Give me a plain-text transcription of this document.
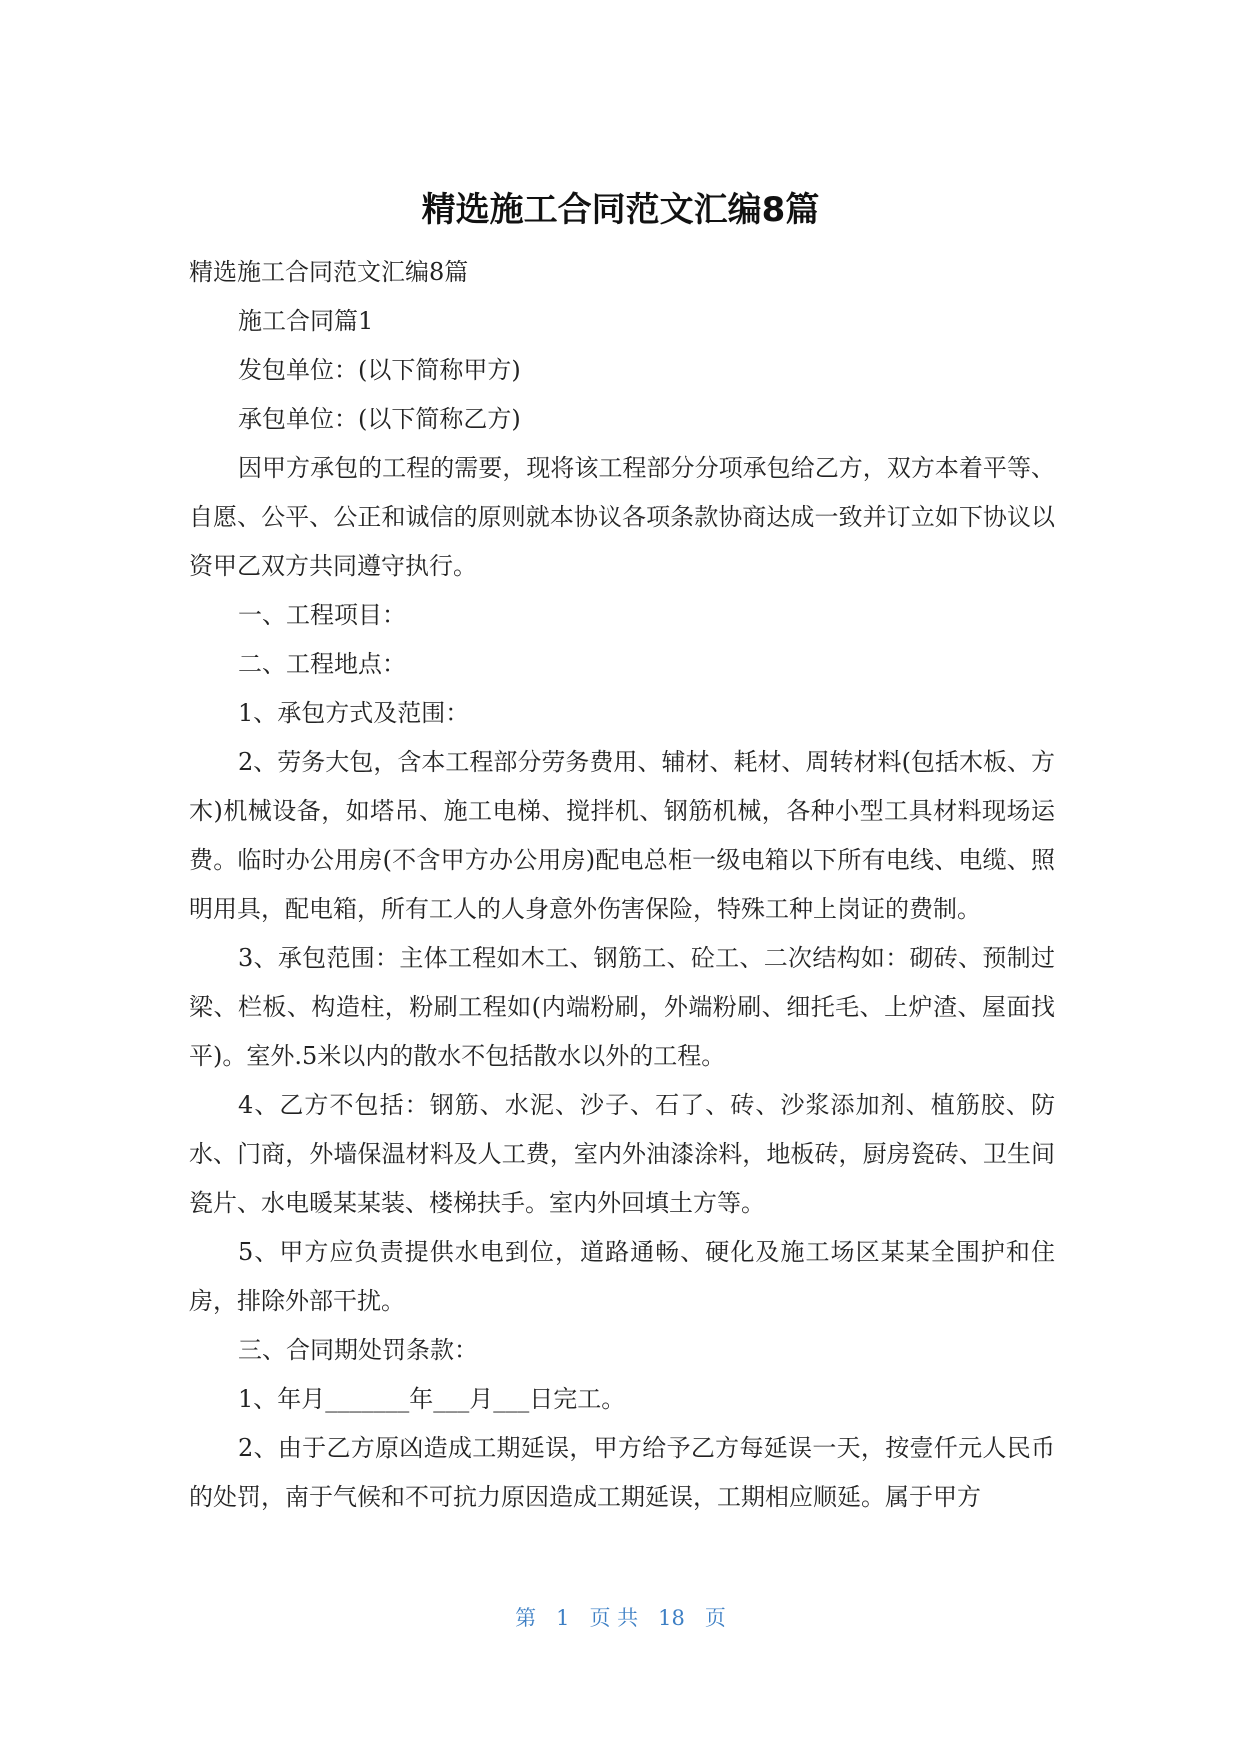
精选施工合同范文汇编8篇

精选施工合同范文汇编8篇

施工合同篇1

发包单位：(以下简称甲方)

承包单位：(以下简称乙方)

因甲方承包的工程的需要，现将该工程部分分项承包给乙方，双方本着平等、自愿、公平、公正和诚信的原则就本协议各项条款协商达成一致并订立如下协议以资甲乙双方共同遵守执行。

一、工程项目：

二、工程地点：

1、承包方式及范围：

2、劳务大包，含本工程部分劳务费用、辅材、耗材、周转材料(包括木板、方木)机械设备，如塔吊、施工电梯、搅拌机、钢筋机械，各种小型工具材料现场运费。临时办公用房(不含甲方办公用房)配电总柜一级电箱以下所有电线、电缆、照明用具，配电箱，所有工人的人身意外伤害保险，特殊工种上岗证的费制。

3、承包范围：主体工程如木工、钢筋工、砼工、二次结构如：砌砖、预制过梁、栏板、构造柱，粉刷工程如(内端粉刷，外端粉刷、细托毛、上炉渣、屋面找平)。室外.5米以内的散水不包括散水以外的工程。

4、乙方不包括：钢筋、水泥、沙子、石了、砖、沙浆添加剂、植筋胶、防水、门商，外墙保温材料及人工费，室内外油漆涂料，地板砖，厨房瓷砖、卫生间瓷片、水电暖某某装、楼梯扶手。室内外回填土方等。

5、甲方应负责提供水电到位，道路通畅、硬化及施工场区某某全围护和住房，排除外部干扰。

三、合同期处罚条款：

1、年月_______年___月___日完工。

2、由于乙方原凶造成工期延误，甲方给予乙方每延误一天，按壹仟元人民币的处罚，南于气候和不可抗力原因造成工期延误，工期相应顺延。属于甲方

第   1   页 共   18   页
